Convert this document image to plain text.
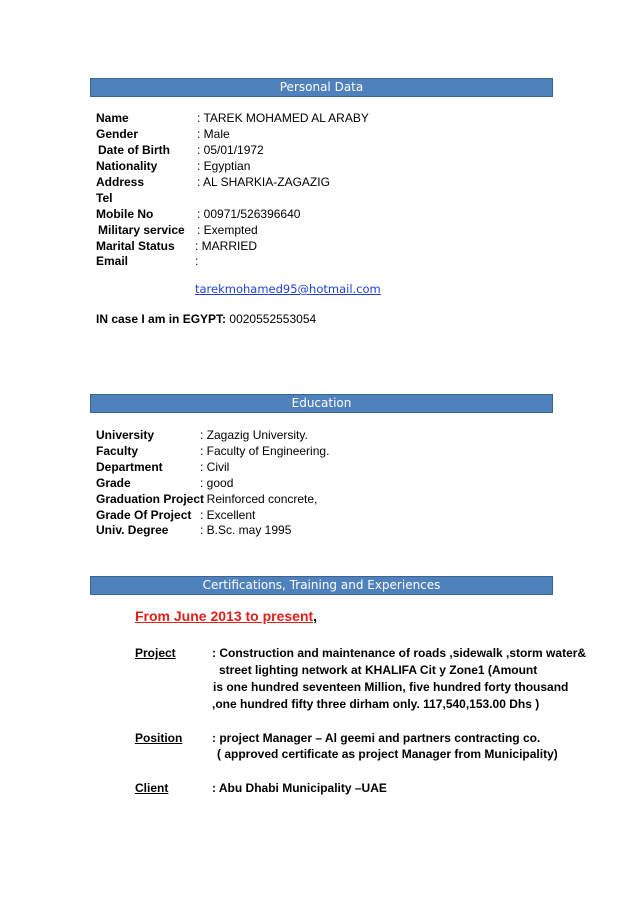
Personal Data
Name	: TAREK MOHAMED AL ARABY
Gender	: Male
Date of Birth : 05/01/1972
Nationality	: Egyptian
Address	: AL SHARKIA-ZAGAZIG
Tel
Mobile No	: 00971/526396640
Military service : Exempted
Marital Status : MARRIED
Email	:
tarekmohamed95@hotmail.com
IN case I am in EGYPT: 0020552553054
Education
University	: Zagazig University.
Faculty	: Faculty of Engineering.
Department	: Civil
Grade	: good
Graduation Project
: Reinforced concrete,
Grade Of Project : Excellent
Univ. Degree	: B.Sc. may 1995
Certifications, Training and Experiences
From June 2013 to present,
Project	: Construction and maintenance of roads ,sidewalk ,storm water&
street lighting network at KHALIFA Cit y Zone1 (Amount
is one hundred seventeen Million, five hundred forty thousand
,one hundred fifty three dirham only. 117,540,153.00 Dhs )
Position : project Manager – Al geemi and partners contracting co.
( approved certificate as project Manager from Municipality)
Client	: Abu Dhabi Municipality –UAE
